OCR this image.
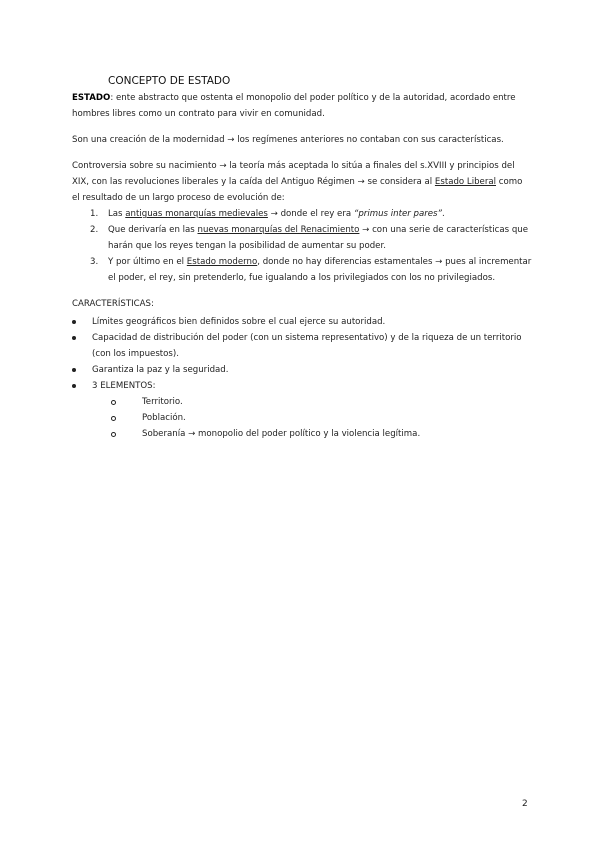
CONCEPTO DE ESTADO

ESTADO: ente abstracto que ostenta el monopolio del poder político y de la autoridad, acordado entre hombres libres como un contrato para vivir en comunidad.

Son una creación de la modernidad → los regímenes anteriores no contaban con sus características.

Controversia sobre su nacimiento → la teoría más aceptada lo sitúa a finales del s.XVIII y principios del XIX, con las revoluciones liberales y la caída del Antiguo Régimen → se considera al Estado Liberal como el resultado de un largo proceso de evolución de:

1. Las antiguas monarquías medievales → donde el rey era “primus inter pares”.
2. Que derivaría en las nuevas monarquías del Renacimiento → con una serie de características que harán que los reyes tengan la posibilidad de aumentar su poder.
3. Y por último en el Estado moderno, donde no hay diferencias estamentales → pues al incrementar el poder, el rey, sin pretenderlo, fue igualando a los privilegiados con los no privilegiados.

CARACTERÍSTICAS:

Límites geográficos bien definidos sobre el cual ejerce su autoridad.
Capacidad de distribución del poder (con un sistema representativo) y de la riqueza de un territorio (con los impuestos).
Garantiza la paz y la seguridad.
3 ELEMENTOS:
Territorio.
Población.
Soberanía → monopolio del poder político y la violencia legítima.
2
